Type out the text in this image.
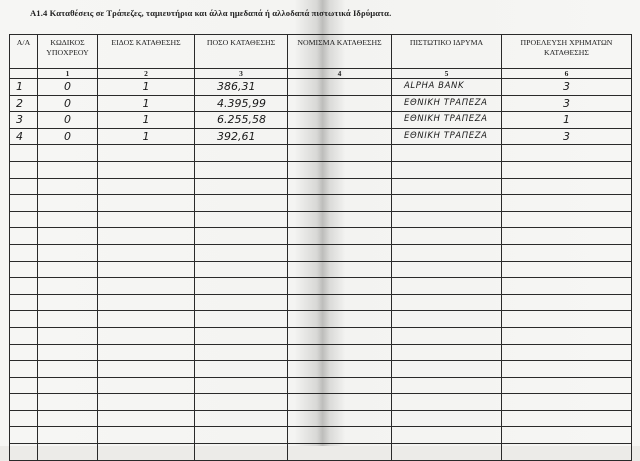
Α1.4 Καταθέσεις σε Τράπεζες, ταμιευτήρια και άλλα ημεδαπά ή αλλοδαπά πιστωτικά Ιδρύματα.
Α/Α	ΚΩΔΙΚΟΣ ΥΠΟΧΡΕΟΥ	ΕΙΔΟΣ ΚΑΤΑΘΕΣΗΣ	ΠΟΣΟ ΚΑΤΑΘΕΣΗΣ	ΝΟΜΙΣΜΑ ΚΑΤΑΘΕΣΗΣ	ΠΙΣΤΩΤΙΚΟ ΙΔΡΥΜΑ	ΠΡΟΕΛΕΥΣΗ ΧΡΗΜΑΤΩΝ ΚΑΤΑΘΕΣΗΣ
	1	2	3	4	5	6

1	0	1	386,31		ALPHA BANK	3

2	0	1	4.395,99		ΕΘΝΙΚΗ ΤΡΑΠΕΖΑ	3

3	0	1	6.255,58		ΕΘΝΙΚΗ ΤΡΑΠΕΖΑ	1

4	0	1	392,61		ΕΘΝΙΚΗ ΤΡΑΠΕΖΑ	3
